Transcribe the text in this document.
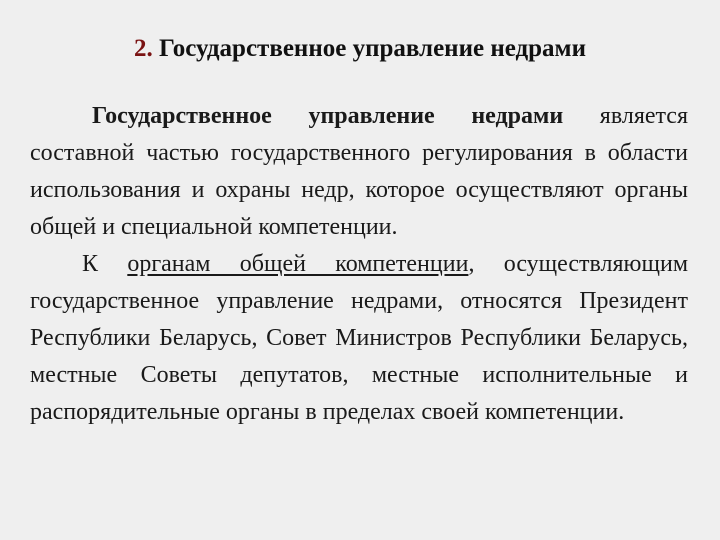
2. Государственное управление недрами

Государственное управление недрами является составной частью государственного регулирования в области использования и охраны недр, которое осуществляют органы общей и специальной компетенции.

К органам общей компетенции, осуществляющим государственное управление недрами, относятся Президент Республики Беларусь, Совет Министров Республики Беларусь, местные Советы депутатов, местные исполнительные и распорядительные органы в пределах своей компетенции.
